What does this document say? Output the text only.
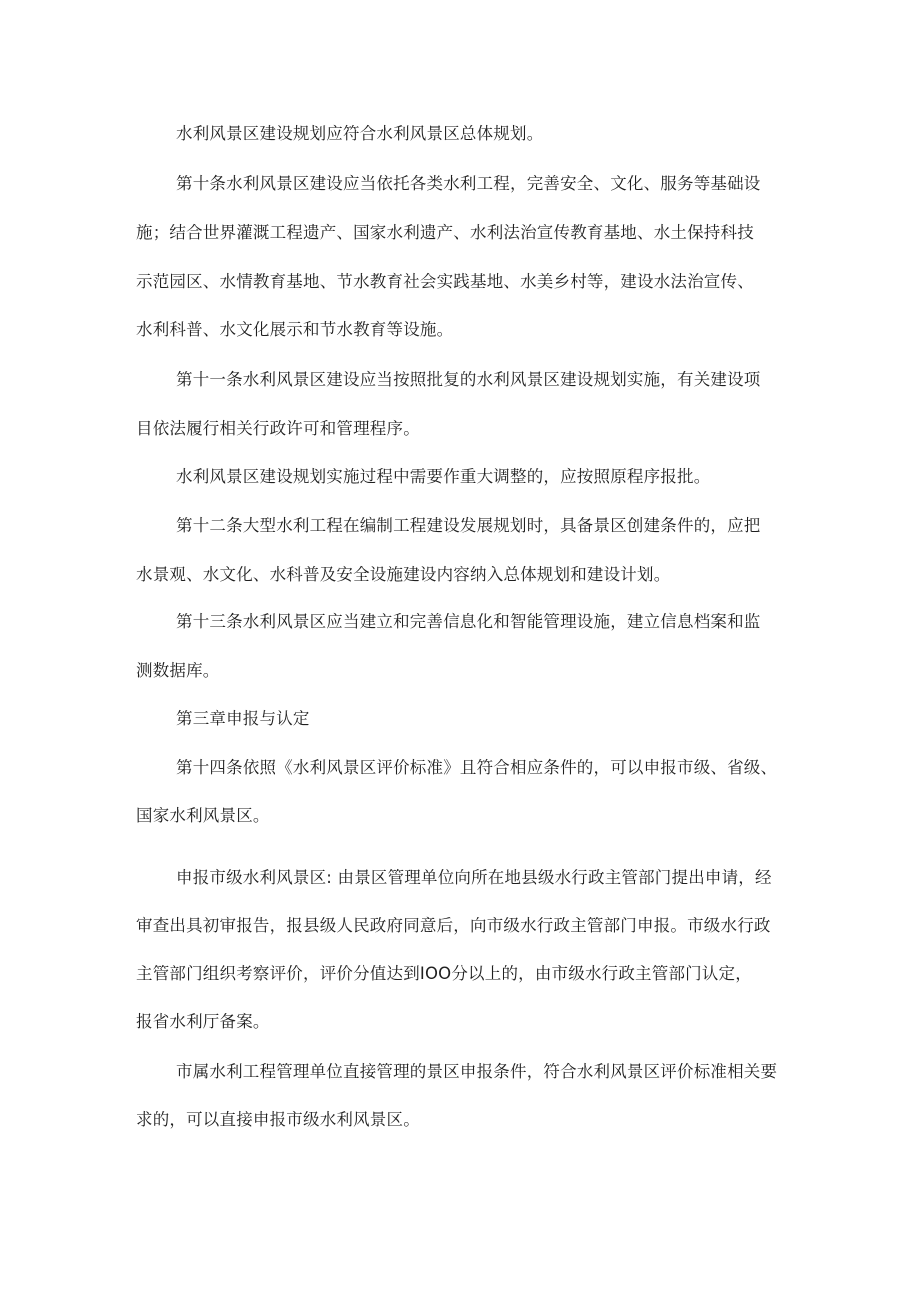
水利风景区建设规划应符合水利风景区总体规划。
第十条水利风景区建设应当依托各类水利工程，完善安全、文化、服务等基础设
施；结合世界灌溉工程遗产、国家水利遗产、水利法治宣传教育基地、水土保持科技
示范园区、水情教育基地、节水教育社会实践基地、水美乡村等，建设水法治宣传、
水利科普、水文化展示和节水教育等设施。
第十一条水利风景区建设应当按照批复的水利风景区建设规划实施，有关建设项
目依法履行相关行政许可和管理程序。
水利风景区建设规划实施过程中需要作重大调整的，应按照原程序报批。
第十二条大型水利工程在编制工程建设发展规划时，具备景区创建条件的，应把
水景观、水文化、水科普及安全设施建设内容纳入总体规划和建设计划。
第十三条水利风景区应当建立和完善信息化和智能管理设施，建立信息档案和监
测数据库。
第三章申报与认定
第十四条依照《水利风景区评价标准》且符合相应条件的，可以申报市级、省级、
国家水利风景区。
申报市级水利风景区: 由景区管理单位向所在地县级水行政主管部门提出申请，经
审查出具初审报告，报县级人民政府同意后，向市级水行政主管部门申报。市级水行政
主管部门组织考察评价，评价分值达到IOO分以上的，由市级水行政主管部门认定，
报省水利厅备案。
市属水利工程管理单位直接管理的景区申报条件，符合水利风景区评价标准相关要
求的，可以直接申报市级水利风景区。
